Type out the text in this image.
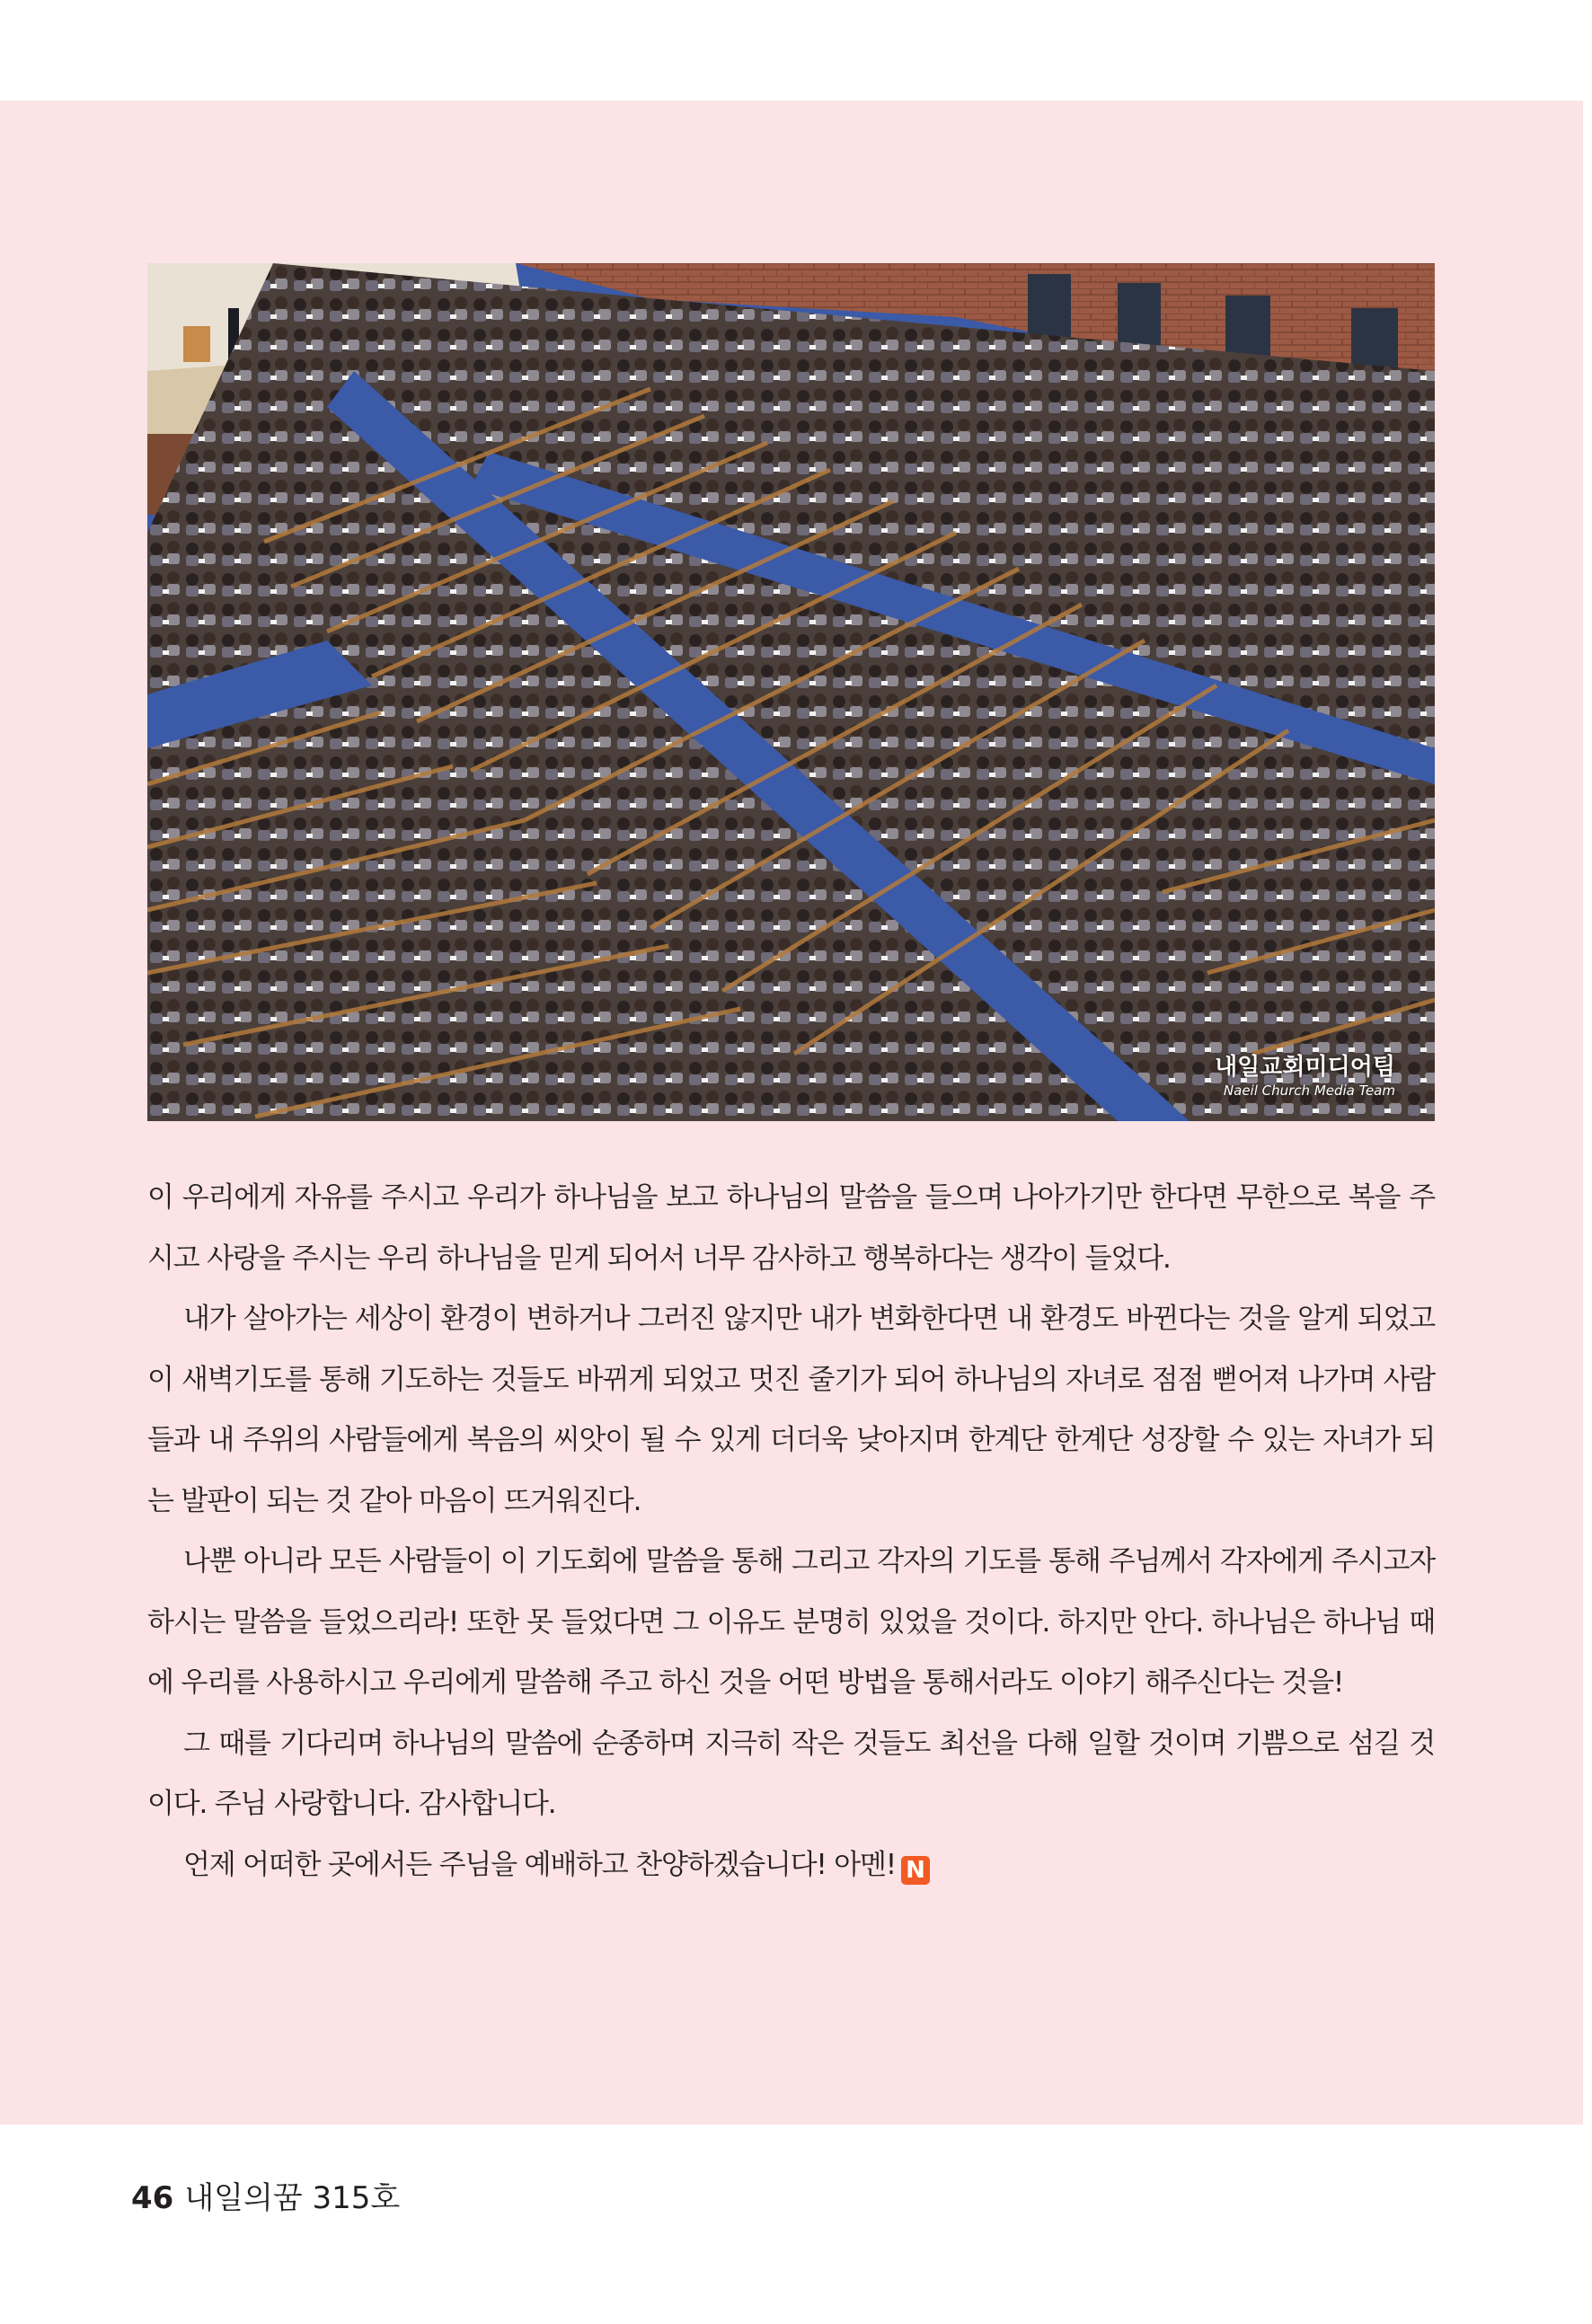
내일교회미디어팀
Naeil Church Media Team

이 우리에게 자유를 주시고 우리가 하나님을 보고 하나님의 말씀을 들으며 나아가기만 한다면 무한으로 복을 주시고 사랑을 주시는 우리 하나님을 믿게 되어서 너무 감사하고 행복하다는 생각이 들었다.

내가 살아가는 세상이 환경이 변하거나 그러진 않지만 내가 변화한다면 내 환경도 바뀐다는 것을 알게 되었고 이 새벽기도를 통해 기도하는 것들도 바뀌게 되었고 멋진 줄기가 되어 하나님의 자녀로 점점 뻗어져 나가며 사람들과 내 주위의 사람들에게 복음의 씨앗이 될 수 있게 더더욱 낮아지며 한계단 한계단 성장할 수 있는 자녀가 되는 발판이 되는 것 같아 마음이 뜨거워진다.

나뿐 아니라 모든 사람들이 이 기도회에 말씀을 통해 그리고 각자의 기도를 통해 주님께서 각자에게 주시고자 하시는 말씀을 들었으리라! 또한 못 들었다면 그 이유도 분명히 있었을 것이다. 하지만 안다. 하나님은 하나님 때에 우리를 사용하시고 우리에게 말씀해 주고 하신 것을 어떤 방법을 통해서라도 이야기 해주신다는 것을!

그 때를 기다리며 하나님의 말씀에 순종하며 지극히 작은 것들도 최선을 다해 일할 것이며 기쁨으로 섬길 것이다. 주님 사랑합니다. 감사합니다.

언제 어떠한 곳에서든 주님을 예배하고 찬양하겠습니다! 아멘! N

46 내일의꿈 315호
